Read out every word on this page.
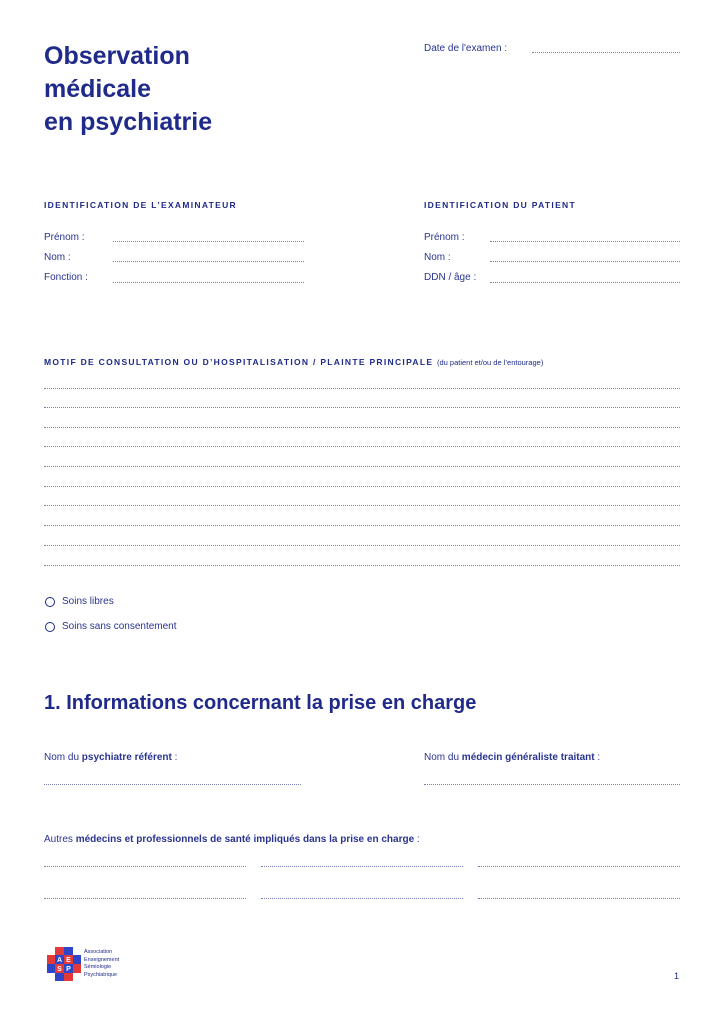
Observation
médicale
en psychiatrie
Date de l'examen :
IDENTIFICATION DE L’EXAMINATEUR
Prénom :
Nom :
Fonction :
IDENTIFICATION DU PATIENT
Prénom :
Nom :
DDN / âge :
MOTIF DE CONSULTATION OU D’HOSPITALISATION / PLAINTE PRINCIPALE (du patient et/ou de l’entourage)
Soins libres
Soins sans consentement
1. Informations concernant la prise en charge
Nom du psychiatre référent :	Nom du médecin généraliste traitant :
Autres médecins et professionnels de santé impliqués dans la prise en charge :
A E
S P
Association
Enseignement
Sémiologie
Psychiatrique	1
